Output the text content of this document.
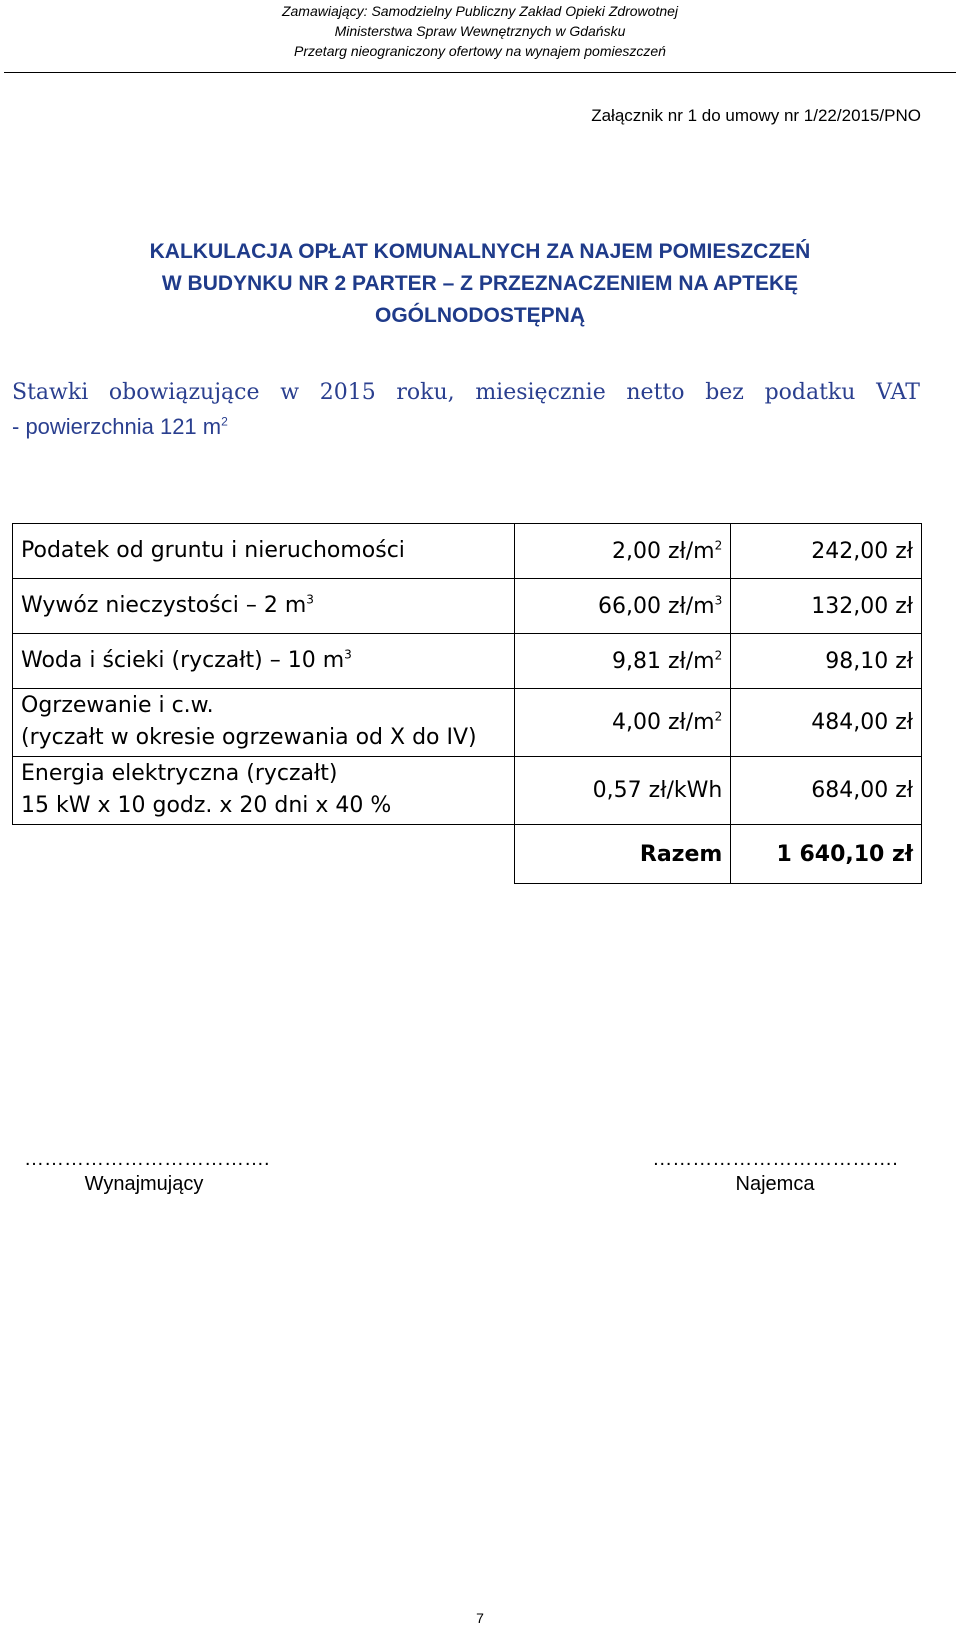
Zamawiający: Samodzielny Publiczny Zakład Opieki Zdrowotnej
Ministerstwa Spraw Wewnętrznych w Gdańsku
Przetarg nieograniczony ofertowy na wynajem pomieszczeń
Załącznik nr 1 do umowy nr 1/22/2015/PNO
KALKULACJA OPŁAT KOMUNALNYCH ZA NAJEM POMIESZCZEŃ
W BUDYNKU NR 2 PARTER – Z PRZEZNACZENIEM NA APTEKĘ
OGÓLNODOSTĘPNĄ
Stawki obowiązujące w 2015 roku, miesięcznie netto bez podatku VAT
- powierzchnia 121 $m^2$
Podatek od gruntu i nieruchomości	2,00 $zł/m^2$	242,00 zł
Wywóz nieczystości – 2 $m^3$	66,00 $zł/m^3$	132,00 zł
Woda i ścieki (ryczałt) – 10 $m^3$	9,81 $zł/m^2$	98,10 zł

Ogrzewanie i c.w.
(ryczałt w okresie ogrzewania od X do IV)	4,00 $zł/m^2$	484,00 zł

Energia elektryczna (ryczałt)
15 kW x 10 godz. x 20 dni x 40 %	0,57 zł/kWh	684,00 zł
	Razem	1 640,10 zł
……………………………….
Wynajmujący
……………………………….
Najemca
7
